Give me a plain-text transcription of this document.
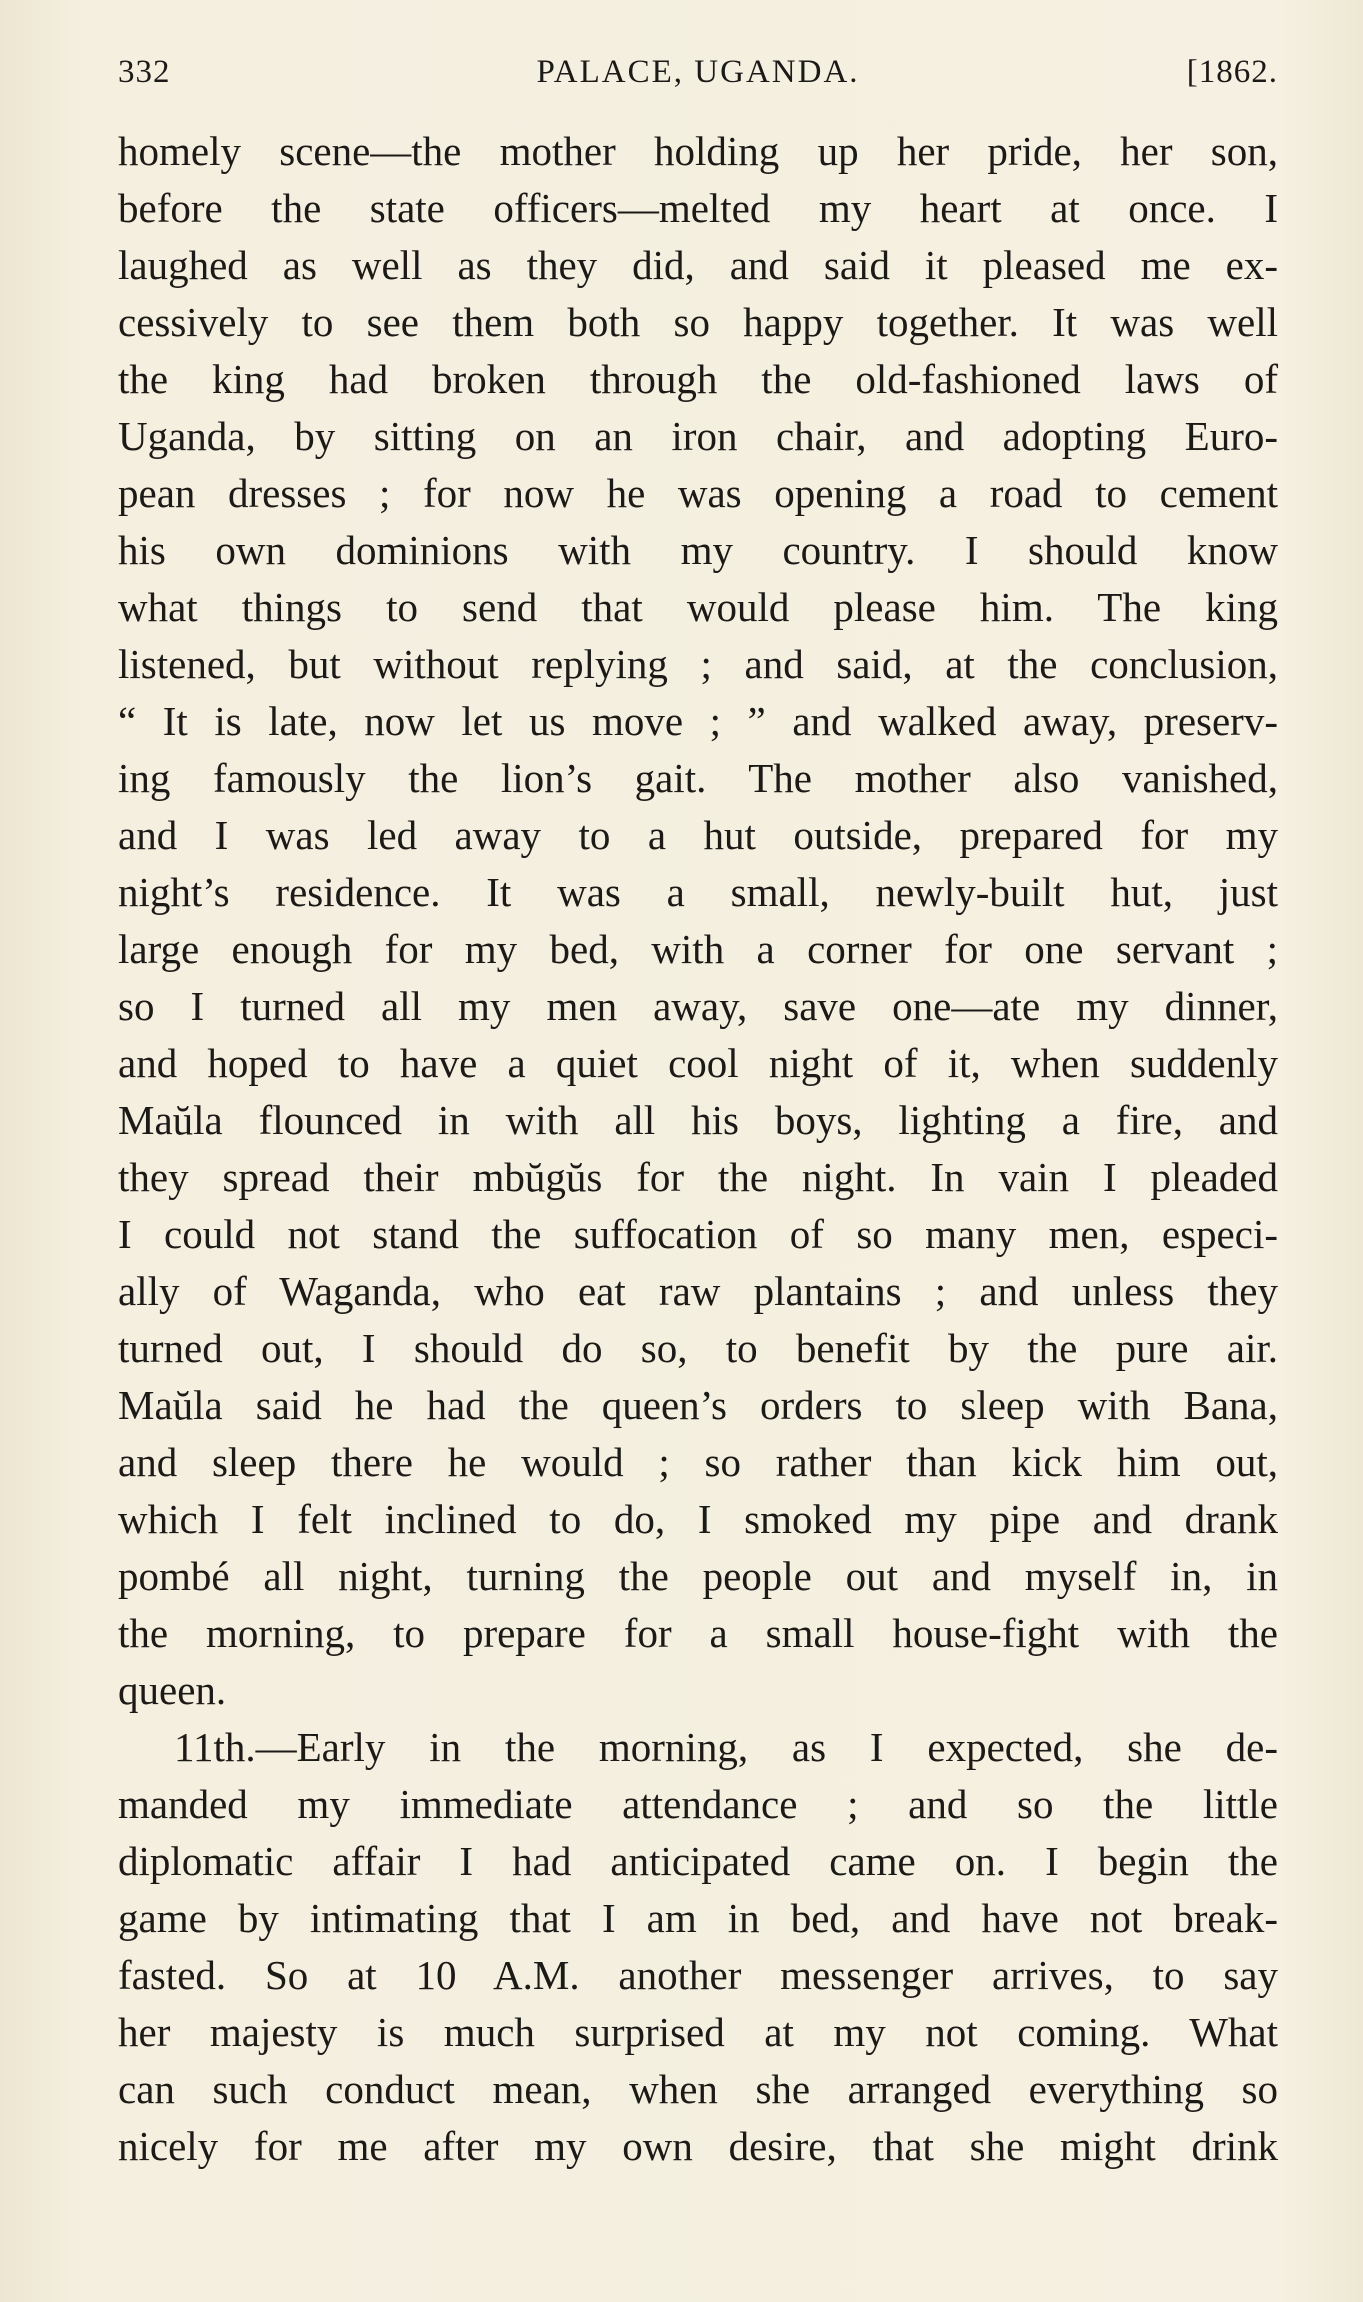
332	PALACE, UGANDA.	[1862.
homely scene—the mother holding up her pride, her son,
before the state officers—melted my heart at once. I
laughed as well as they did, and said it pleased me ex-
cessively to see them both so happy together. It was well
the king had broken through the old-fashioned laws of
Uganda, by sitting on an iron chair, and adopting Euro-
pean dresses ; for now he was opening a road to cement
his own dominions with my country. I should know
what things to send that would please him. The king
listened, but without replying ; and said, at the conclusion,
“ It is late, now let us move ; ” and walked away, preserv-
ing famously the lion’s gait. The mother also vanished,
and I was led away to a hut outside, prepared for my
night’s residence. It was a small, newly-built hut, just
large enough for my bed, with a corner for one servant ;
so I turned all my men away, save one—ate my dinner,
and hoped to have a quiet cool night of it, when suddenly
Maŭla flounced in with all his boys, lighting a fire, and
they spread their mbŭgŭs for the night. In vain I pleaded
I could not stand the suffocation of so many men, especi-
ally of Waganda, who eat raw plantains ; and unless they
turned out, I should do so, to benefit by the pure air.
Maŭla said he had the queen’s orders to sleep with Bana,
and sleep there he would ; so rather than kick him out,
which I felt inclined to do, I smoked my pipe and drank
pombé all night, turning the people out and myself in, in
the morning, to prepare for a small house-fight with the
queen.
11th.—Early in the morning, as I expected, she de-
manded my immediate attendance ; and so the little
diplomatic affair I had anticipated came on. I begin the
game by intimating that I am in bed, and have not break-
fasted. So at 10 A.M. another messenger arrives, to say
her majesty is much surprised at my not coming. What
can such conduct mean, when she arranged everything so
nicely for me after my own desire, that she might drink
